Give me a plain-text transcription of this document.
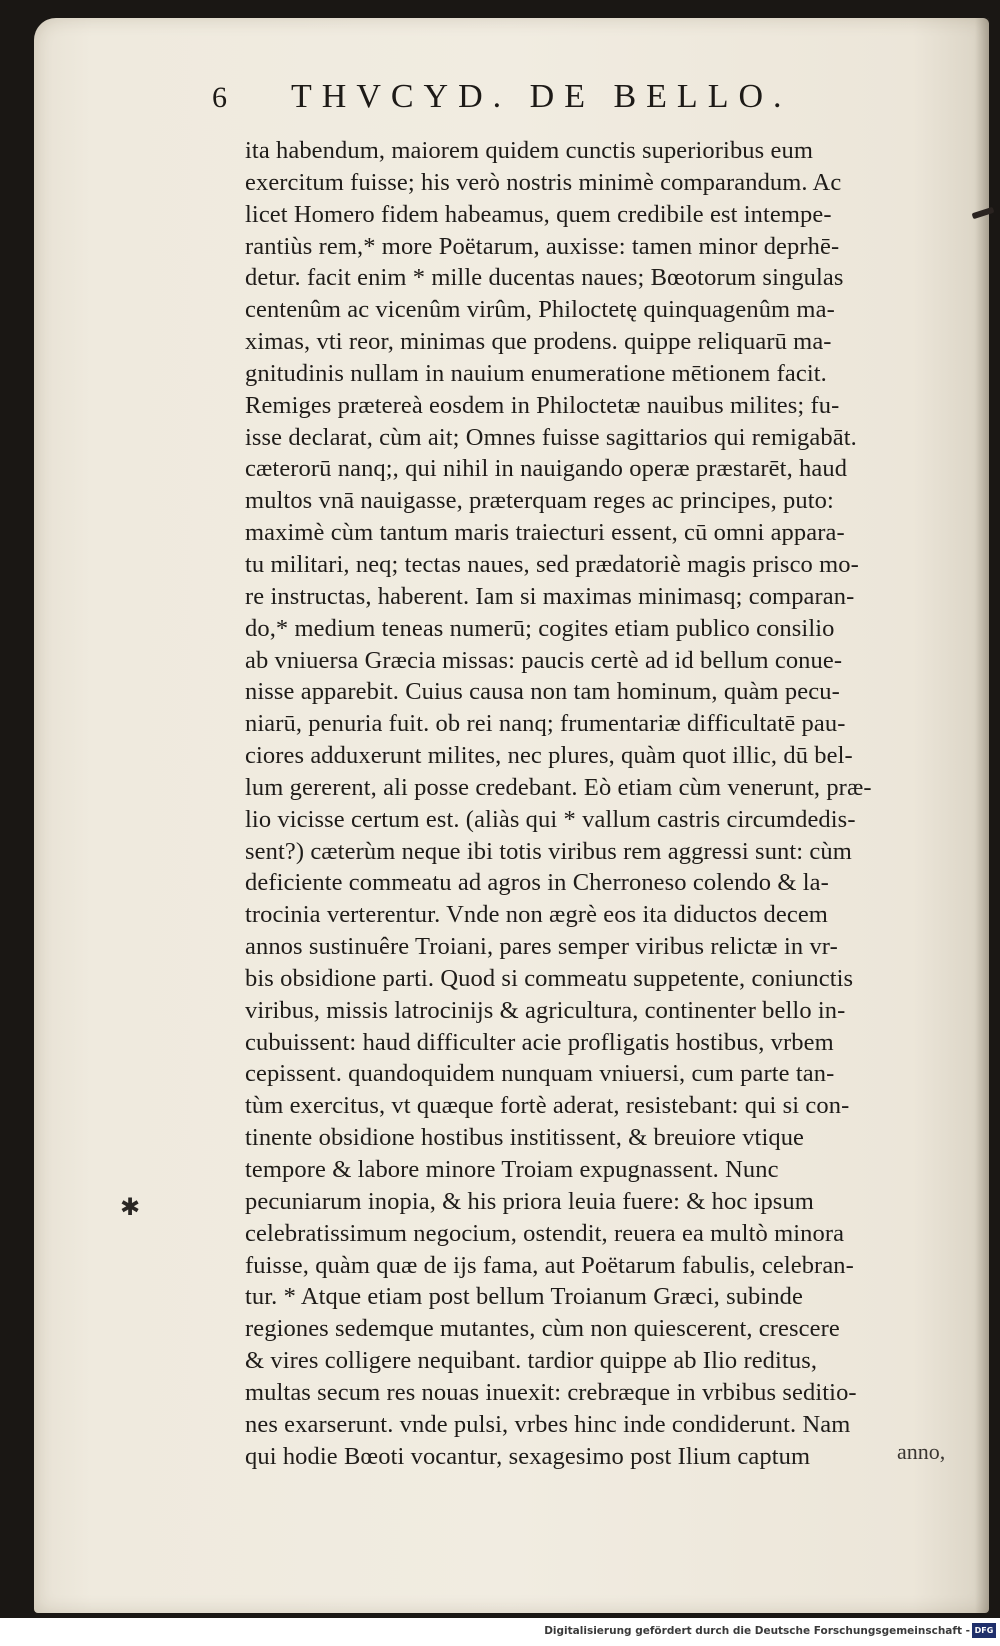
✱
6 THVCYD. DE BELLO.
ita habendum, maiorem quidem cunctis superioribus eum
exercitum fuisse; his verò nostris minimè comparandum. Ac
licet Homero fidem habeamus, quem credibile est intempe-
rantiùs rem,* more Poëtarum, auxisse: tamen minor deprhē-
detur. facit enim * mille ducentas naues; Bœotorum singulas
centenûm ac vicenûm virûm, Philoctetę quinquagenûm ma-
ximas, vti reor, minimas que prodens. quippe reliquarū ma-
gnitudinis nullam in nauium enumeratione mētionem facit.
Remiges prætereà eosdem in Philoctetæ nauibus milites; fu-
isse declarat, cùm ait; Omnes fuisse sagittarios qui remigabāt.
cæterorū nanq;, qui nihil in nauigando operæ præstarēt, haud
multos vnā nauigasse, præterquam reges ac principes, puto:
maximè cùm tantum maris traiecturi essent, cū omni appara-
tu militari, neq; tectas naues, sed prædatoriè magis prisco mo-
re instructas, haberent. Iam si maximas minimasq; comparan-
do,* medium teneas numerū; cogites etiam publico consilio
ab vniuersa Græcia missas: paucis certè ad id bellum conue-
nisse apparebit. Cuius causa non tam hominum, quàm pecu-
niarū, penuria fuit. ob rei nanq; frumentariæ difficultatē pau-
ciores adduxerunt milites, nec plures, quàm quot illic, dū bel-
lum gererent, ali posse credebant. Eò etiam cùm venerunt, præ-
lio vicisse certum est. (aliàs qui * vallum castris circumdedis-
sent?) cæterùm neque ibi totis viribus rem aggressi sunt: cùm
deficiente commeatu ad agros in Cherroneso colendo & la-
trocinia verterentur. Vnde non ægrè eos ita diductos decem
annos sustinuêre Troiani, pares semper viribus relictæ in vr-
bis obsidione parti. Quod si commeatu suppetente, coniunctis
viribus, missis latrocinijs & agricultura, continenter bello in-
cubuissent: haud difficulter acie profligatis hostibus, vrbem
cepissent. quandoquidem nunquam vniuersi, cum parte tan-
tùm exercitus, vt quæque fortè aderat, resistebant: qui si con-
tinente obsidione hostibus institissent, & breuiore vtique
tempore & labore minore Troiam expugnassent. Nunc
pecuniarum inopia, & his priora leuia fuere: & hoc ipsum
celebratissimum negocium, ostendit, reuera ea multò minora
fuisse, quàm quæ de ijs fama, aut Poëtarum fabulis, celebran-
tur. * Atque etiam post bellum Troianum Græci, subinde
regiones sedemque mutantes, cùm non quiescerent, crescere
& vires colligere nequibant. tardior quippe ab Ilio reditus,
multas secum res nouas inuexit: crebræque in vrbibus seditio-
nes exarserunt. vnde pulsi, vrbes hinc inde condiderunt. Nam
qui hodie Bœoti vocantur, sexagesimo post Ilium captum	anno,
Digitalisierung gefördert durch die Deutsche Forschungsgemeinschaft - DFG
